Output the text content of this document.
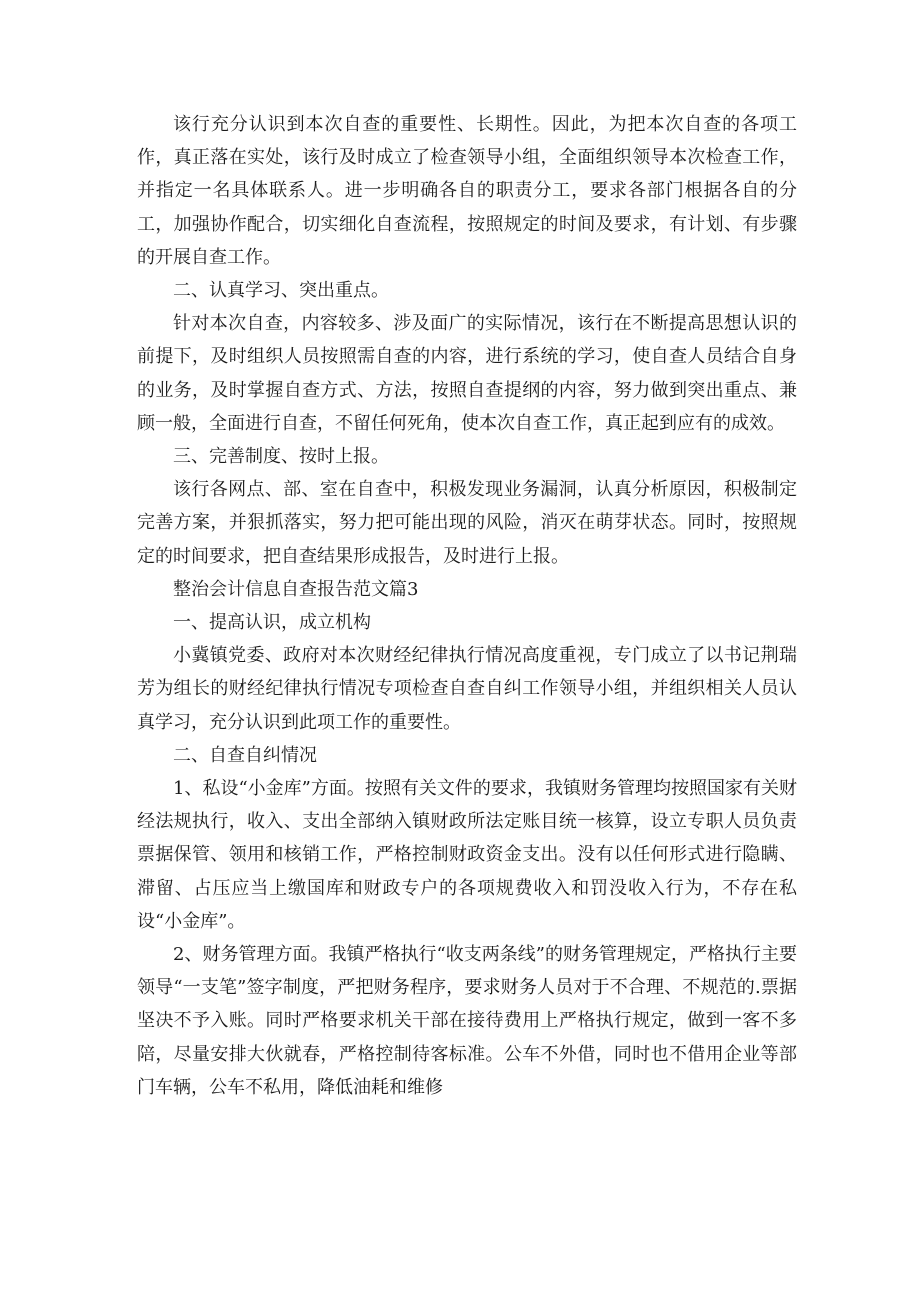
该行充分认识到本次自查的重要性、长期性。因此，为把本次自查的各项工作，真正落在实处，该行及时成立了检查领导小组，全面组织领导本次检查工作，并指定一名具体联系人。进一步明确各自的职责分工，要求各部门根据各自的分工，加强协作配合，切实细化自查流程，按照规定的时间及要求，有计划、有步骤的开展自查工作。

二、认真学习、突出重点。

针对本次自查，内容较多、涉及面广的实际情况，该行在不断提高思想认识的前提下，及时组织人员按照需自查的内容，进行系统的学习，使自查人员结合自身的业务，及时掌握自查方式、方法，按照自查提纲的内容，努力做到突出重点、兼顾一般，全面进行自查，不留任何死角，使本次自查工作，真正起到应有的成效。

三、完善制度、按时上报。

该行各网点、部、室在自查中，积极发现业务漏洞，认真分析原因，积极制定完善方案，并狠抓落实，努力把可能出现的风险，消灭在萌芽状态。同时，按照规定的时间要求，把自查结果形成报告，及时进行上报。

整治会计信息自查报告范文篇3

一、提高认识，成立机构

小冀镇党委、政府对本次财经纪律执行情况高度重视，专门成立了以书记荆瑞芳为组长的财经纪律执行情况专项检查自查自纠工作领导小组，并组织相关人员认真学习，充分认识到此项工作的重要性。

二、自查自纠情况

1、私设“小金库”方面。按照有关文件的要求，我镇财务管理均按照国家有关财经法规执行，收入、支出全部纳入镇财政所法定账目统一核算，设立专职人员负责票据保管、领用和核销工作，严格控制财政资金支出。没有以任何形式进行隐瞒、滞留、占压应当上缴国库和财政专户的各项规费收入和罚没收入行为，不存在私设“小金库”。

2、财务管理方面。我镇严格执行“收支两条线”的财务管理规定，严格执行主要领导“一支笔”签字制度，严把财务程序，要求财务人员对于不合理、不规范的.票据坚决不予入账。同时严格要求机关干部在接待费用上严格执行规定，做到一客不多陪，尽量安排大伙就春，严格控制待客标准。公车不外借，同时也不借用企业等部门车辆，公车不私用，降低油耗和维修
